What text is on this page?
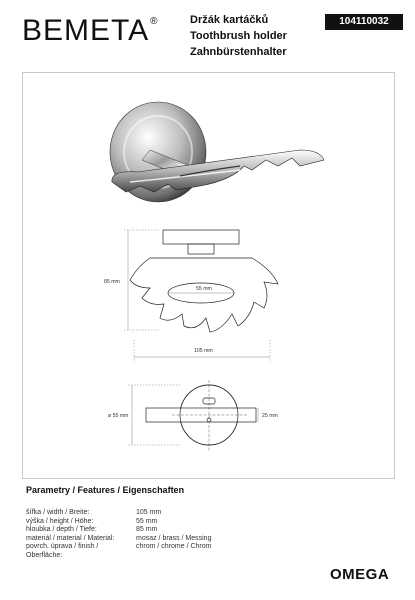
BEMETA®	Držák kartáčků
Toothbrush holder
Zahnbürstenhalter
104110032
85 mm
55 mm
105 mm
ø 55 mm	25 mm
Parametry / Features / Eigenschaften
šířka / width / Breite:	105 mm
výška / height / Höhe:	55 mm
hloubka / depth / Tiefe:	85 mm
materiál / material / Material:	mosaz / brass / Messing
povrch. úprava / finish / Oberfläche:
chrom / chrome / Chrom
OMEGA
